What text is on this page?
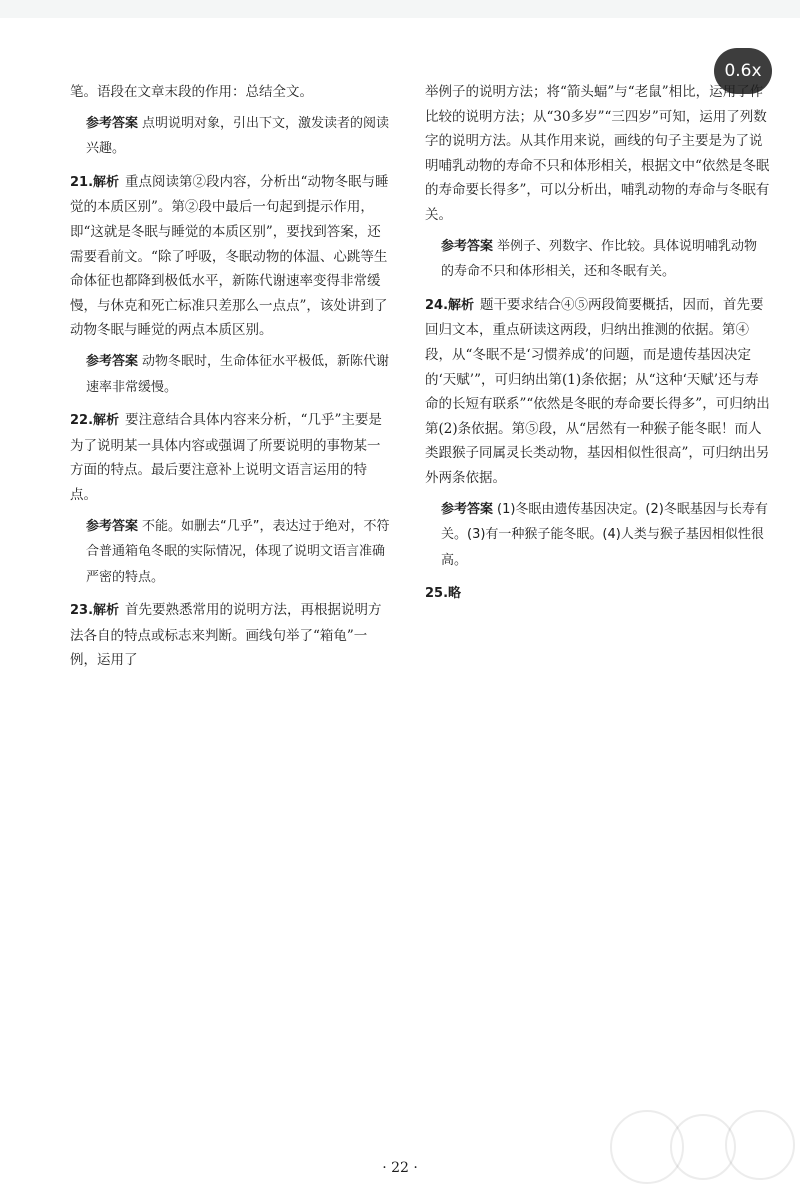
0.6x
笔。语段在文章末段的作用：总结全文。
参考答案 点明说明对象，引出下文，激发读者的阅读兴趣。
21.解析 重点阅读第②段内容，分析出“动物冬眠与睡觉的本质区别”。第②段中最后一句起到提示作用，即“这就是冬眠与睡觉的本质区别”，要找到答案，还需要看前文。“除了呼吸，冬眠动物的体温、心跳等生命体征也都降到极低水平，新陈代谢速率变得非常缓慢，与休克和死亡标准只差那么一点点”，该处讲到了动物冬眠与睡觉的两点本质区别。
参考答案 动物冬眠时，生命体征水平极低，新陈代谢速率非常缓慢。
22.解析 要注意结合具体内容来分析，“几乎”主要是为了说明某一具体内容或强调了所要说明的事物某一方面的特点。最后要注意补上说明文语言运用的特点。
参考答案 不能。如删去“几乎”，表达过于绝对，不符合普通箱龟冬眠的实际情况，体现了说明文语言准确严密的特点。
23.解析 首先要熟悉常用的说明方法，再根据说明方法各自的特点或标志来判断。画线句举了“箱龟”一例，运用了
举例子的说明方法；将“箭头蝠”与“老鼠”相比，运用了作比较的说明方法；从“30多岁”“三四岁”可知，运用了列数字的说明方法。从其作用来说，画线的句子主要是为了说明哺乳动物的寿命不只和体形相关，根据文中“依然是冬眠的寿命要长得多”，可以分析出，哺乳动物的寿命与冬眠有关。
参考答案 举例子、列数字、作比较。具体说明哺乳动物的寿命不只和体形相关，还和冬眠有关。
24.解析 题干要求结合④⑤两段简要概括，因而，首先要回归文本，重点研读这两段，归纳出推测的依据。第④段，从“冬眠不是‘习惯养成’的问题，而是遗传基因决定的‘天赋’”，可归纳出第(1)条依据；从“这种‘天赋’还与寿命的长短有联系”“依然是冬眠的寿命要长得多”，可归纳出第(2)条依据。第⑤段，从“居然有一种猴子能冬眠！而人类跟猴子同属灵长类动物，基因相似性很高”，可归纳出另外两条依据。
参考答案 (1)冬眠由遗传基因决定。(2)冬眠基因与长寿有关。(3)有一种猴子能冬眠。(4)人类与猴子基因相似性很高。
25.略
· 22 ·
